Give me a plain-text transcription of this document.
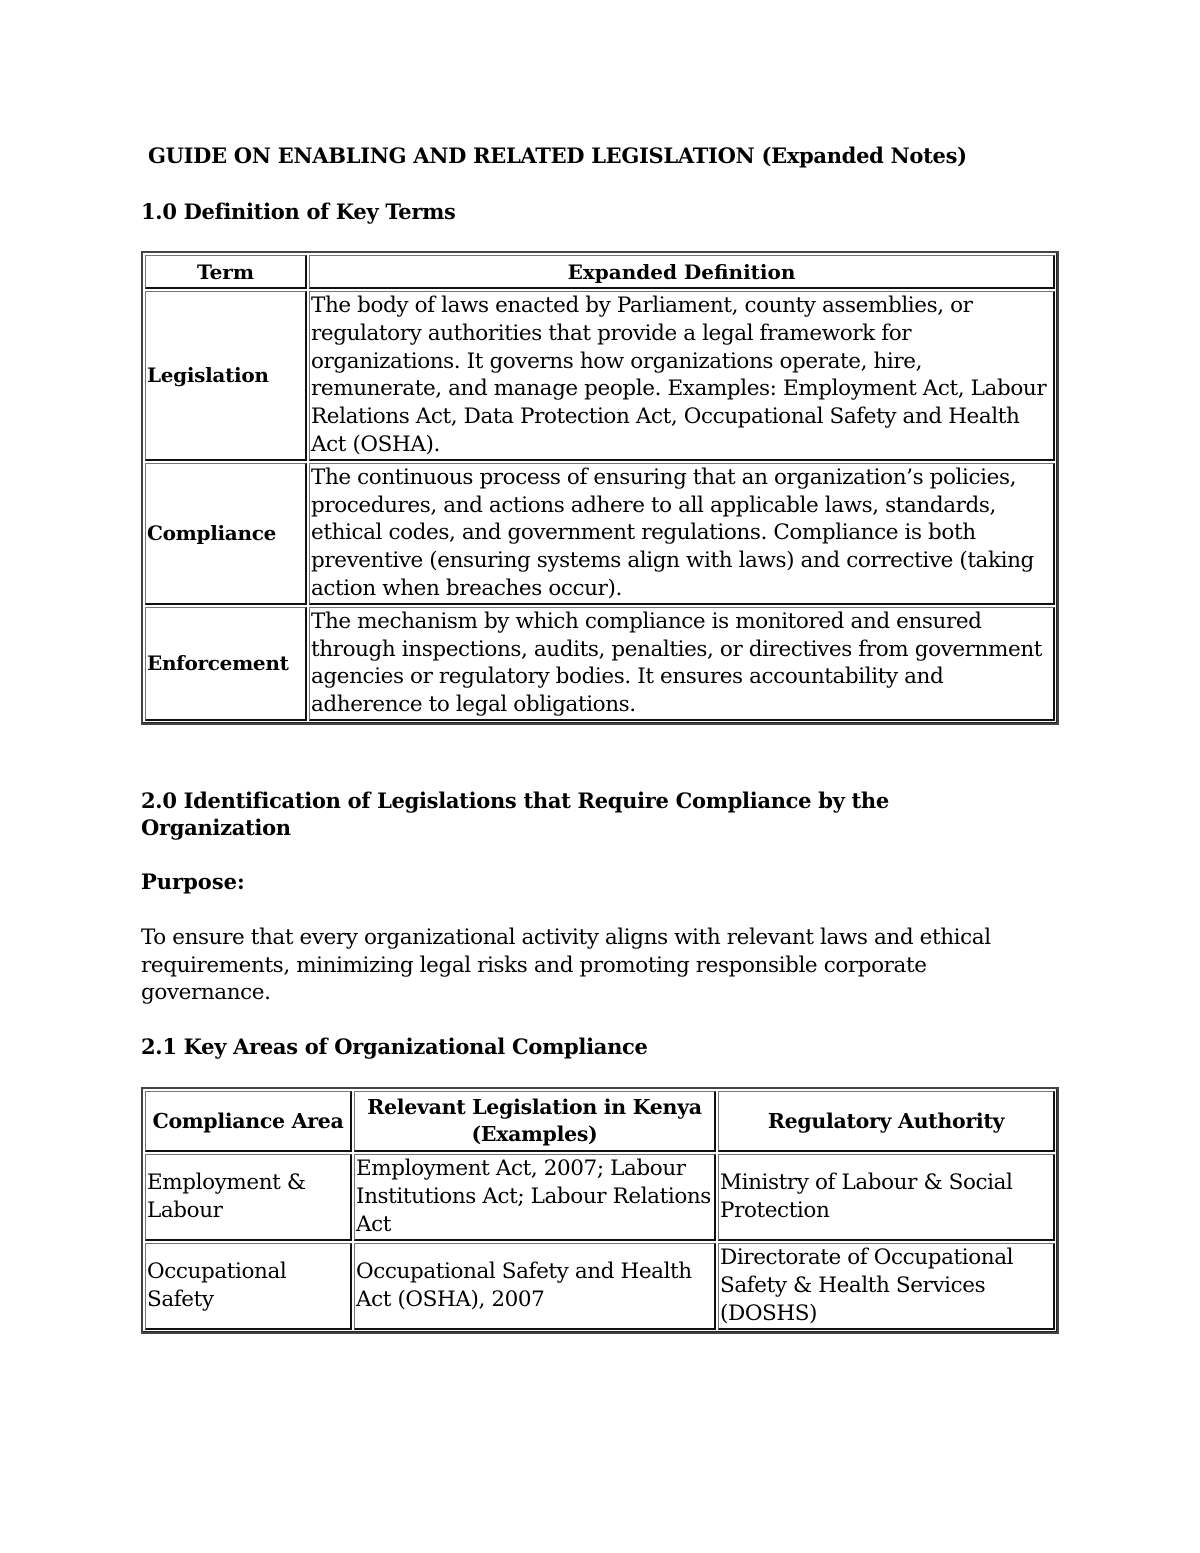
GUIDE ON ENABLING AND RELATED LEGISLATION (Expanded Notes)
1.0 Definition of Key Terms
Term	Expanded Definition
Legislation	The body of laws enacted by Parliament, county assemblies, or regulatory authorities that provide a legal framework for organizations. It governs how organizations operate, hire, remunerate, and manage people. Examples: Employment Act, Labour Relations Act, Data Protection Act, Occupational Safety and Health Act (OSHA).
Compliance	The continuous process of ensuring that an organization’s policies, procedures, and actions adhere to all applicable laws, standards, ethical codes, and government regulations. Compliance is both preventive (ensuring systems align with laws) and corrective (taking action when breaches occur).
Enforcement	The mechanism by which compliance is monitored and ensured through inspections, audits, penalties, or directives from government agencies or regulatory bodies. It ensures accountability and adherence to legal obligations.
2.0 Identification of Legislations that Require Compliance by the Organization
Purpose:
To ensure that every organizational activity aligns with relevant laws and ethical requirements, minimizing legal risks and promoting responsible corporate governance.
2.1 Key Areas of Organizational Compliance
Compliance Area	Relevant Legislation in Kenya (Examples)	Regulatory Authority
Employment & Labour	Employment Act, 2007; Labour Institutions Act; Labour Relations Act	Ministry of Labour & Social Protection
Occupational Safety	Occupational Safety and Health Act (OSHA), 2007	Directorate of Occupational Safety & Health Services (DOSHS)
